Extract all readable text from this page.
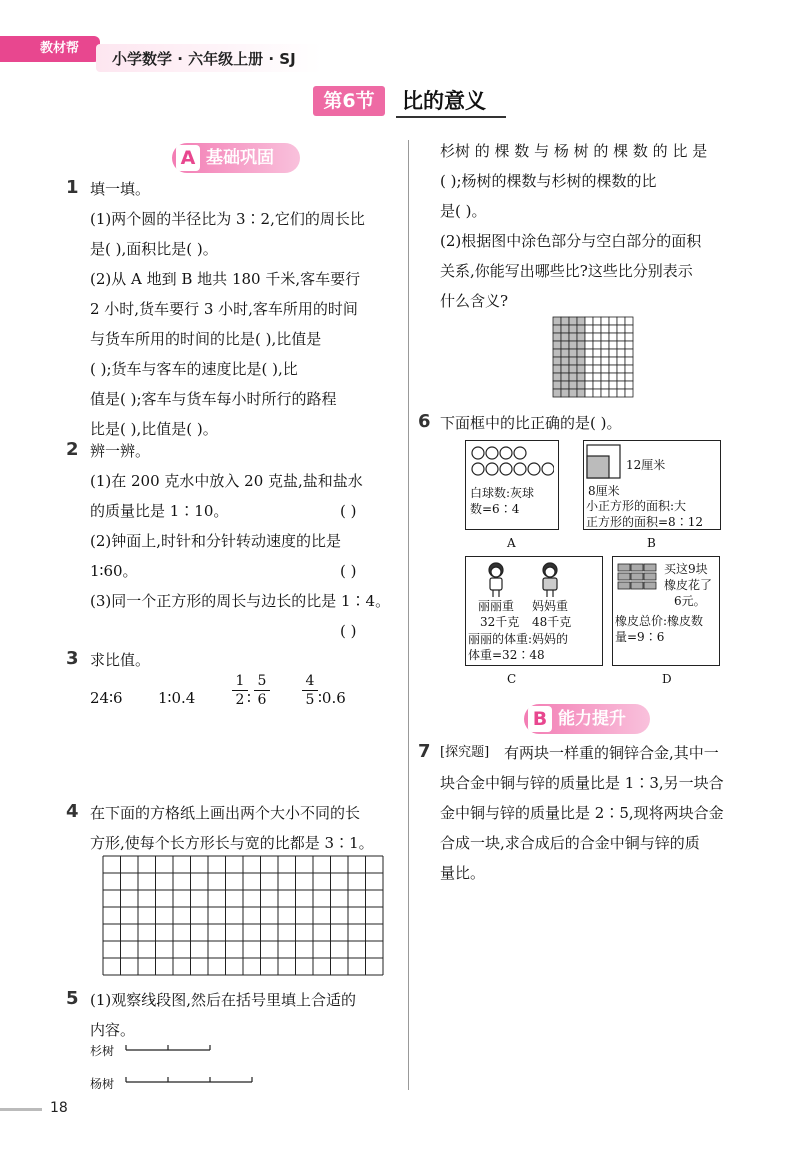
教材帮
小学数学 · 六年级上册 · SJ
第6节	比的意义
A 基础巩固
1 填一填。
(1)两个圆的半径比为 3∶2,它们的周长比
是( ),面积比是( )。
(2)从 A 地到 B 地共 180 千米,客车要行
2 小时,货车要行 3 小时,客车所用的时间
与货车所用的时间的比是( ),比值是
( );货车与客车的速度比是( ),比
值是( );客车与货车每小时所行的路程
比是( ),比值是( )。
2 辨一辨。
(1)在 200 克水中放入 20 克盐,盐和盐水
的质量比是 1∶10。	( )
(2)钟面上,时针和分针转动速度的比是
1∶60。	( )
(3)同一个正方形的周长与边长的比是 1∶4。
( )
3 求比值。
24∶6 1∶0.4	$\frac{1}{2}$ ∶ $\frac{5}{6} \frac{4}{5}$ ∶0.6
4 在下面的方格纸上画出两个大小不同的长
方形,使每个长方形长与宽的比都是 3∶1。
5 (1)观察线段图,然后在括号里填上合适的
内容。
杉树
杨树
杉树 的 棵 数 与 杨 树 的 棵 数 的 比 是
( );杨树的棵数与杉树的棵数的比
是( )。
(2)根据图中涂色部分与空白部分的面积
关系,你能写出哪些比?这些比分别表示
什么含义?
6 下面框中的比正确的是( )。
白球数:灰球
数=6∶4
A
12厘米
8厘米
小正方形的面积:大
正方形的面积=8∶12
B
丽丽重
32千克
妈妈重
48千克
丽丽的体重:妈妈的
体重=32∶48
C
买这9块
橡皮花了
6元。
橡皮总价:橡皮数
量=9∶6
D
B 能力提升
7 [探究题] 有两块一样重的铜锌合金,其中一
块合金中铜与锌的质量比是 1∶3,另一块合
金中铜与锌的质量比是 2∶5,现将两块合金
合成一块,求合成后的合金中铜与锌的质
量比。
18
